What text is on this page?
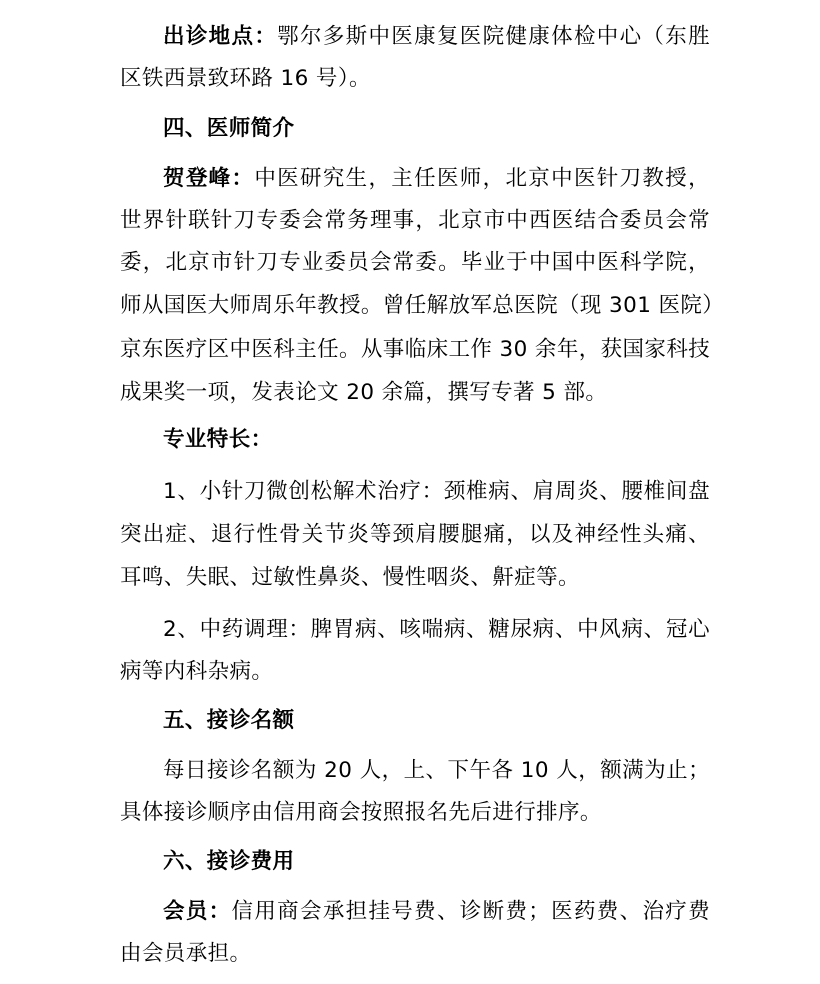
出诊地点：鄂尔多斯中医康复医院健康体检中心（东胜
区铁西景致环路 16 号）。
四、医师简介
贺登峰：中医研究生，主任医师，北京中医针刀教授，
世界针联针刀专委会常务理事，北京市中西医结合委员会常
委，北京市针刀专业委员会常委。毕业于中国中医科学院，
师从国医大师周乐年教授。曾任解放军总医院（现 301 医院）
京东医疗区中医科主任。从事临床工作 30 余年，获国家科技
成果奖一项，发表论文 20 余篇，撰写专著 5 部。
专业特长：
1、小针刀微创松解术治疗：颈椎病、肩周炎、腰椎间盘
突出症、退行性骨关节炎等颈肩腰腿痛，以及神经性头痛、
耳鸣、失眠、过敏性鼻炎、慢性咽炎、鼾症等。
2、中药调理：脾胃病、咳喘病、糖尿病、中风病、冠心
病等内科杂病。
五、接诊名额
每日接诊名额为 20 人，上、下午各 10 人，额满为止；
具体接诊顺序由信用商会按照报名先后进行排序。
六、接诊费用
会员：信用商会承担挂号费、诊断费；医药费、治疗费
由会员承担。
